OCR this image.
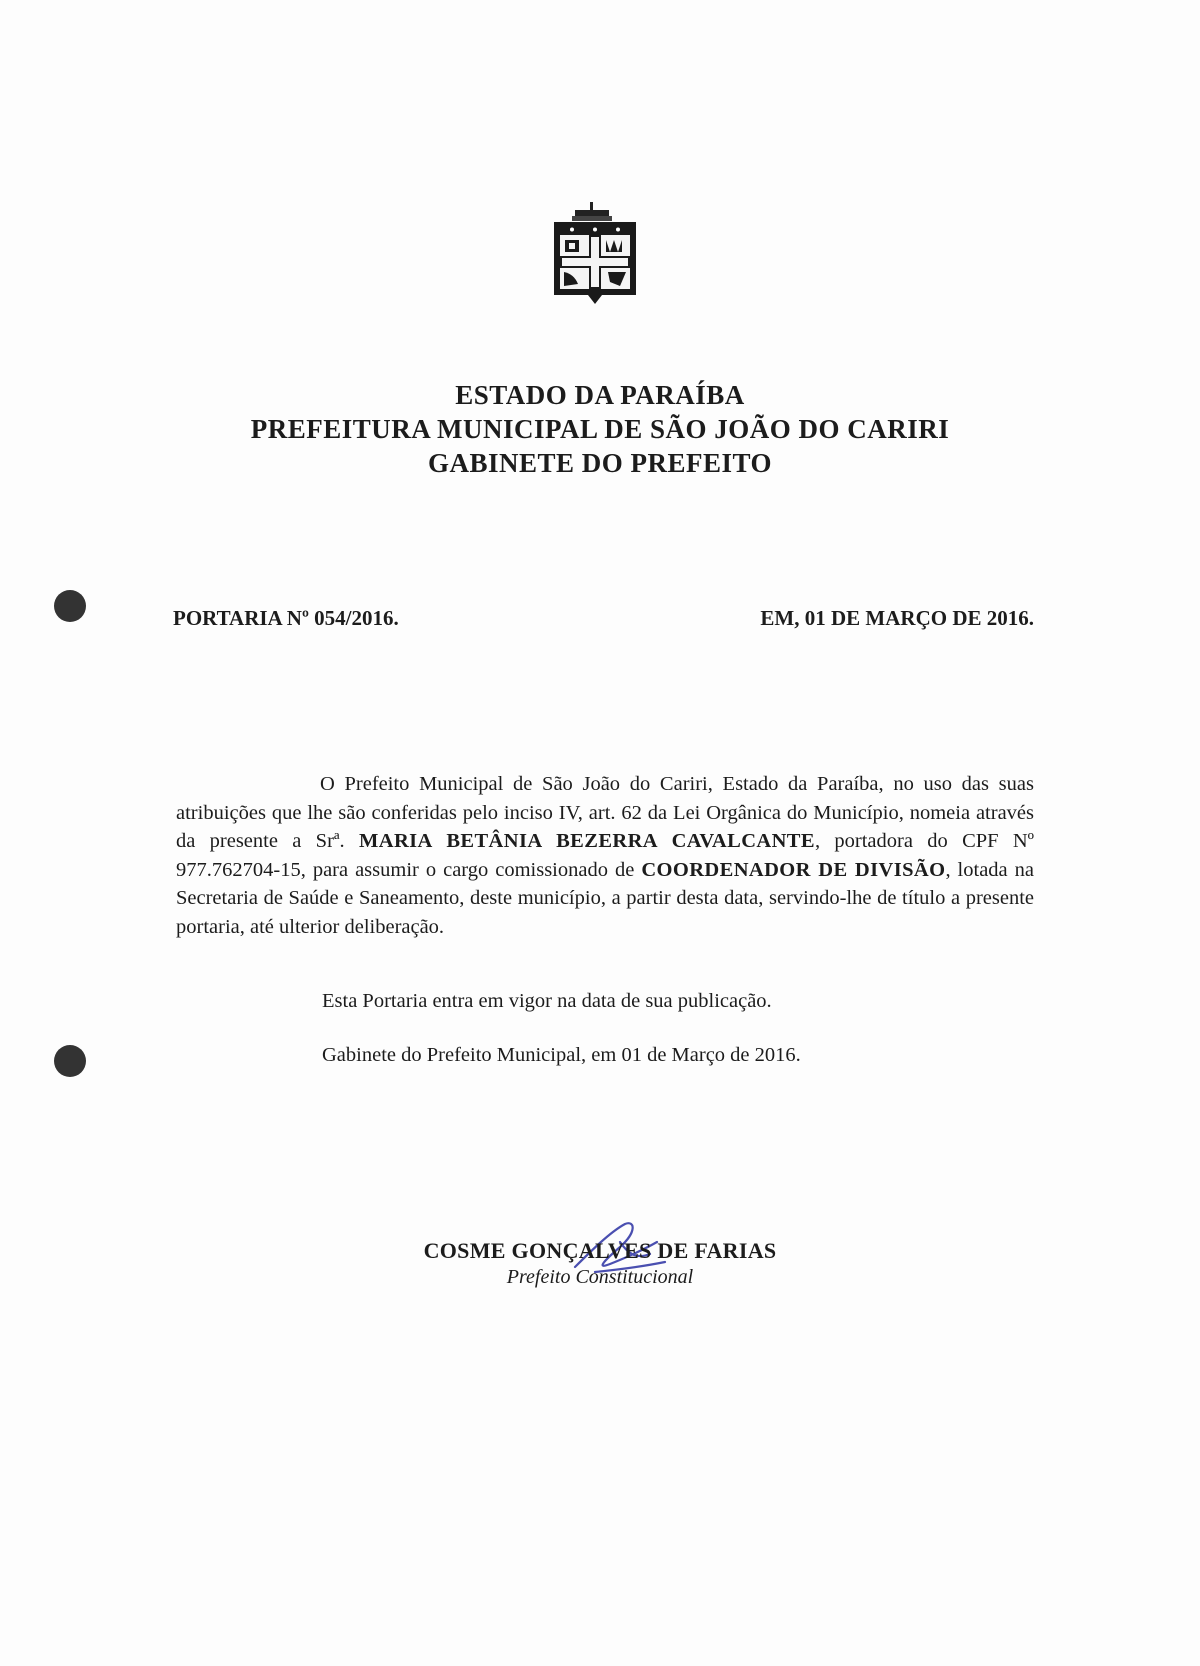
ESTADO DA PARAÍBA
PREFEITURA MUNICIPAL DE SÃO JOÃO DO CARIRI
GABINETE DO PREFEITO
PORTARIA Nº 054/2016.	EM, 01 DE MARÇO DE 2016.
O Prefeito Municipal de São João do Cariri, Estado da Paraíba, no uso das suas atribuições que lhe são conferidas pelo inciso IV, art. 62 da Lei Orgânica do Município, nomeia através da presente a Srª. MARIA BETÂNIA BEZERRA CAVALCANTE, portadora do CPF Nº 977.762704-15, para assumir o cargo comissionado de COORDENADOR DE DIVISÃO, lotada na Secretaria de Saúde e Saneamento, deste município, a partir desta data, servindo-lhe de título a presente portaria, até ulterior deliberação.
Esta Portaria entra em vigor na data de sua publicação.
Gabinete do Prefeito Municipal, em 01 de Março de 2016.
COSME GONÇALVES DE FARIAS
Prefeito Constitucional
